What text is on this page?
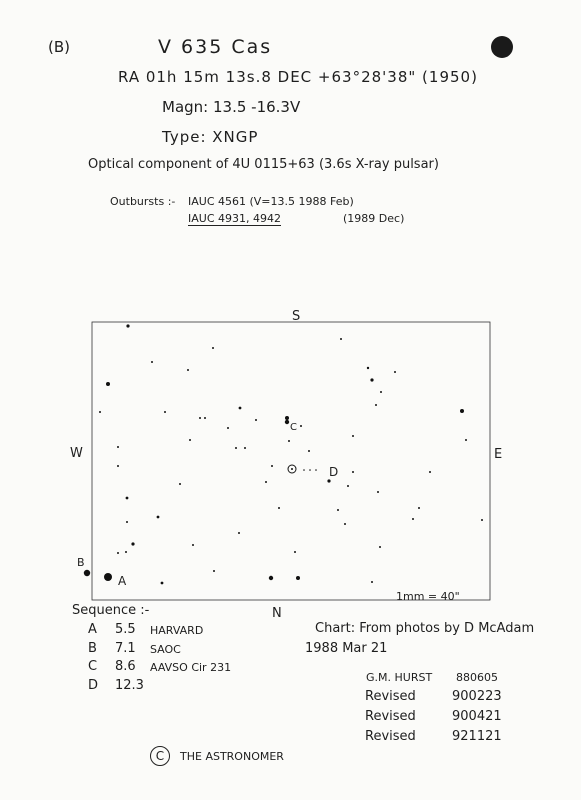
(B)	V 635 Cas
RA 01h 15m 13s.8 DEC +63°28'38" (1950)
Magn: 13.5 -16.3V
Type: XNGP
Optical component of 4U 0115+63 (3.6s X-ray pulsar)
Outbursts :- IAUC 4561 (V=13.5 1988 Feb)
IAUC 4931, 4942	(1989 Dec)
S
N
W	E
1mm = 40"
A
B
C
D
Sequence :-
A 5.5 HARVARD
B 7.1 SAOC
C 8.6 AAVSO Cir 231
D 12.3
Chart: From photos by D McAdam
1988 Mar 21
G.M. HURST 880605
Revised	900223
Revised	900421
Revised	921121
C THE ASTRONOMER
